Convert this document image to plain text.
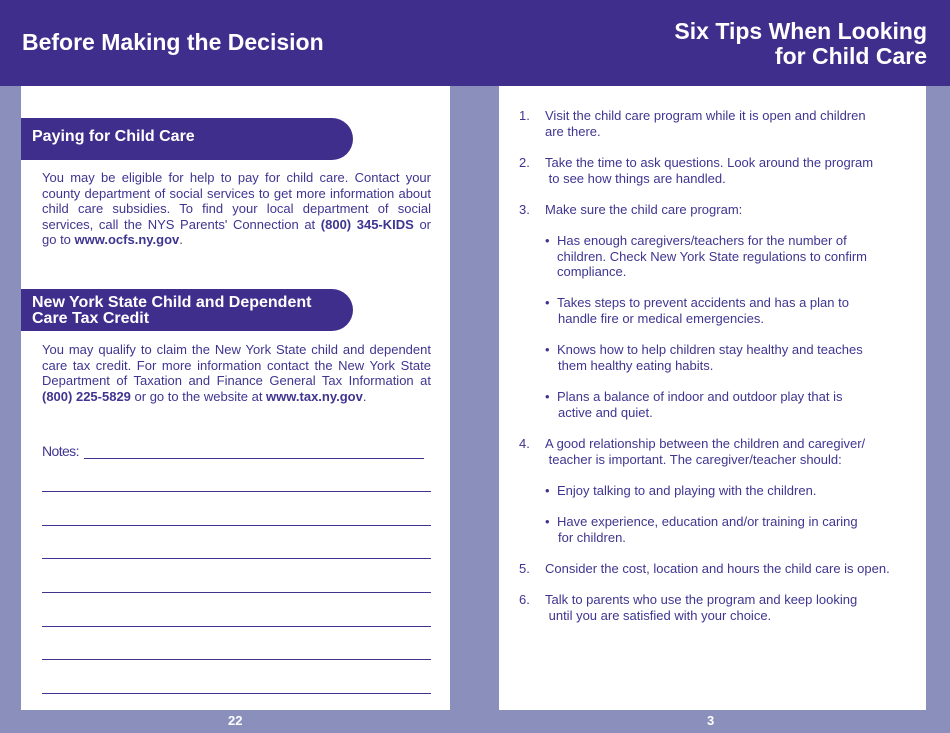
Before Making the Decision	Six Tips When Looking
for Child Care
Paying for Child Care
You may be eligible for help to pay for child care. Contact your county department of social services to get more information about child care subsidies. To find your local department of social services, call the NYS Parents' Connection at (800) 345-KIDS or go to www.ocfs.ny.gov.
New York State Child and Dependent
Care Tax Credit
You may qualify to claim the New York State child and dependent care tax credit. For more information contact the New York State Department of Taxation and Finance General Tax Information at (800) 225-5829 or go to the website at www.tax.ny.gov.
Notes:
22
1. Visit the child care program while it is open and children
are there.
2. Take the time to ask questions. Look around the program
to see how things are handled.
3. Make sure the child care program:
• Has enough caregivers/teachers for the number of
children. Check New York State regulations to confirm
compliance.
• Takes steps to prevent accidents and has a plan to
handle fire or medical emergencies.
• Knows how to help children stay healthy and teaches
them healthy eating habits.
• Plans a balance of indoor and outdoor play that is
active and quiet.
4. A good relationship between the children and caregiver/
teacher is important. The caregiver/teacher should:
• Enjoy talking to and playing with the children.
• Have experience, education and/or training in caring
for children.
5. Consider the cost, location and hours the child care is open.
6. Talk to parents who use the program and keep looking
until you are satisfied with your choice.
3
